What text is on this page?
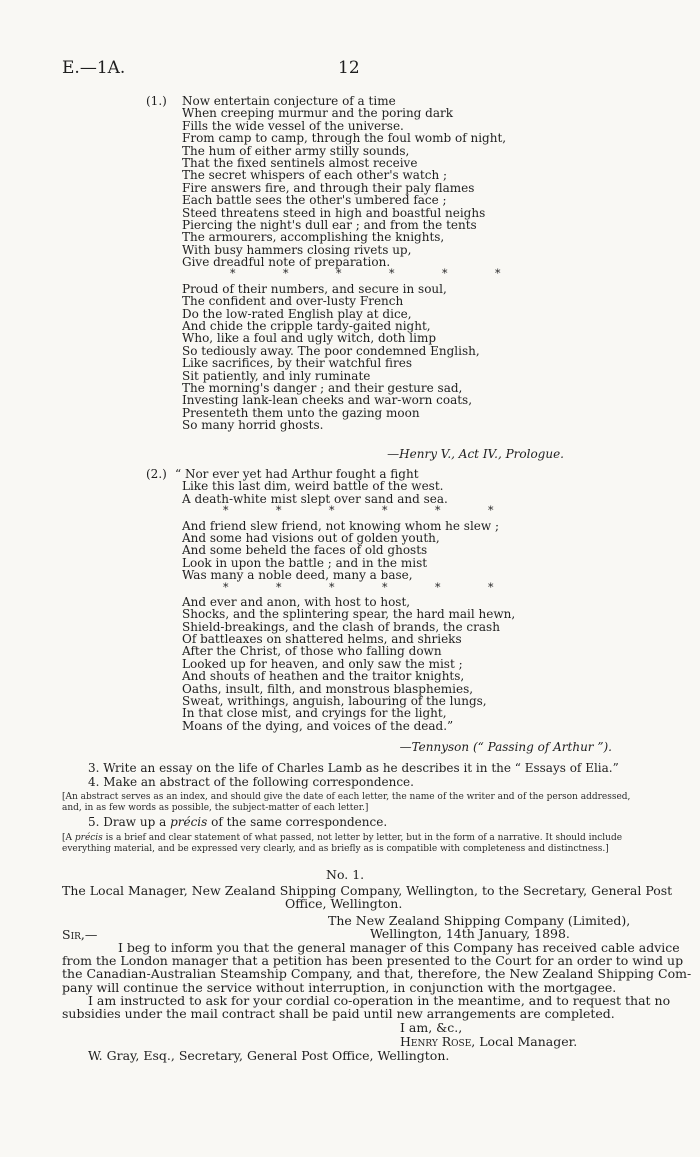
E.—1A.	12
(1.) Now entertain conjecture of a time
When creeping murmur and the poring dark
Fills the wide vessel of the universe.
From camp to camp, through the foul womb of night,
The hum of either army stilly sounds,
That the fixed sentinels almost receive
The secret whispers of each other's watch ;
Fire answers fire, and through their paly flames
Each battle sees the other's umbered face ;
Steed threatens steed in high and boastful neighs
Piercing the night's dull ear ; and from the tents
The armourers, accomplishing the knights,
With busy hammers closing rivets up,
Give dreadful note of preparation.
* * * * * *
Proud of their numbers, and secure in soul,
The confident and over-lusty French
Do the low-rated English play at dice,
And chide the cripple tardy-gaited night,
Who, like a foul and ugly witch, doth limp
So tediously away. The poor condemned English,
Like sacrifices, by their watchful fires
Sit patiently, and inly ruminate
The morning's danger ; and their gesture sad,
Investing lank-lean cheeks and war-worn coats,
Presenteth them unto the gazing moon
So many horrid ghosts.
—Henry V., Act IV., Prologue.
(2.) “ Nor ever yet had Arthur fought a fight
Like this last dim, weird battle of the west.
A death-white mist slept over sand and sea.
* * * * * *
And friend slew friend, not knowing whom he slew ;
And some had visions out of golden youth,
And some beheld the faces of old ghosts
Look in upon the battle ; and in the mist
Was many a noble deed, many a base,
* * * * * *
And ever and anon, with host to host,
Shocks, and the splintering spear, the hard mail hewn,
Shield-breakings, and the clash of brands, the crash
Of battleaxes on shattered helms, and shrieks
After the Christ, of those who falling down
Looked up for heaven, and only saw the mist ;
And shouts of heathen and the traitor knights,
Oaths, insult, filth, and monstrous blasphemies,
Sweat, writhings, anguish, labouring of the lungs,
In that close mist, and cryings for the light,
Moans of the dying, and voices of the dead.”
—Tennyson (“ Passing of Arthur ”).
3. Write an essay on the life of Charles Lamb as he describes it in the “ Essays of Elia.”
4. Make an abstract of the following correspondence.
[An abstract serves as an index, and should give the date of each letter, the name of the writer and of the person addressed, and, in as few words as possible, the subject-matter of each letter.]
5. Draw up a précis of the same correspondence.
[A précis is a brief and clear statement of what passed, not letter by letter, but in the form of a narrative. It should include everything material, and be expressed very clearly, and as briefly as is compatible with completeness and distinctness.]
No. 1.
The Local Manager, New Zealand Shipping Company, Wellington, to the Secretary, General Post
Office, Wellington.
The New Zealand Shipping Company (Limited),
Sir,—	Wellington, 14th January, 1898.
I beg to inform you that the general manager of this Company has received cable advice
from the London manager that a petition has been presented to the Court for an order to wind up
the Canadian-Australian Steamship Company, and that, therefore, the New Zealand Shipping Com-
pany will continue the service without interruption, in conjunction with the mortgagee.
I am instructed to ask for your cordial co-operation in the meantime, and to request that no
subsidies under the mail contract shall be paid until new arrangements are completed.
I am, &c.,
Henry Rose, Local Manager.
W. Gray, Esq., Secretary, General Post Office, Wellington.
